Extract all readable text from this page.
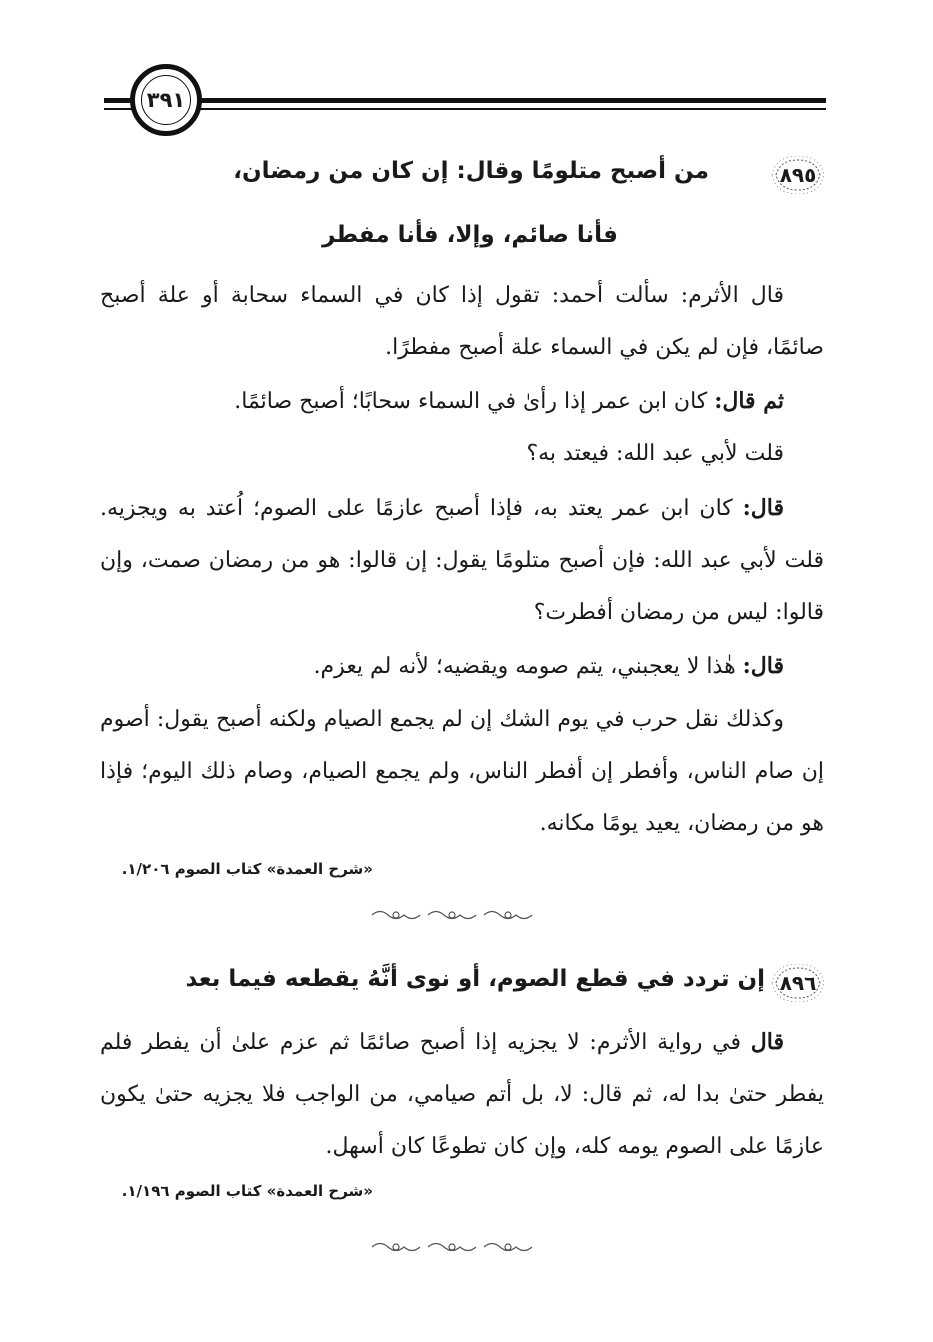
٣٩١
٨٩٥
من أصبح متلومًا وقال: إن كان من رمضان،
فأنا صائم، وإلا، فأنا مفطر
قال الأثرم: سألت أحمد: تقول إذا كان في السماء سحابة أو علة أصبح صائمًا، فإن لم يكن في السماء علة أصبح مفطرًا.
ثم قال: كان ابن عمر إذا رأىٰ في السماء سحابًا؛ أصبح صائمًا.
قلت لأبي عبد الله: فيعتد به؟
قال: كان ابن عمر يعتد به، فإذا أصبح عازمًا على الصوم؛ اُعتد به ويجزيه. قلت لأبي عبد الله: فإن أصبح متلومًا يقول: إن قالوا: هو من رمضان صمت، وإن قالوا: ليس من رمضان أفطرت؟
قال: هٰذا لا يعجبني، يتم صومه ويقضيه؛ لأنه لم يعزم.
وكذلك نقل حرب في يوم الشك إن لم يجمع الصيام ولكنه أصبح يقول: أصوم إن صام الناس، وأفطر إن أفطر الناس، ولم يجمع الصيام، وصام ذلك اليوم؛ فإذا هو من رمضان، يعيد يومًا مكانه.
«شرح العمدة» كتاب الصوم ١/٢٠٦.
٨٩٦
إن تردد في قطع الصوم، أو نوى أنَّهُ يقطعه فيما بعد
قال في رواية الأثرم: لا يجزيه إذا أصبح صائمًا ثم عزم علىٰ أن يفطر فلم يفطر حتىٰ بدا له، ثم قال: لا، بل أتم صيامي، من الواجب فلا يجزيه حتىٰ يكون عازمًا على الصوم يومه كله، وإن كان تطوعًا كان أسهل.
«شرح العمدة» كتاب الصوم ١/١٩٦.
